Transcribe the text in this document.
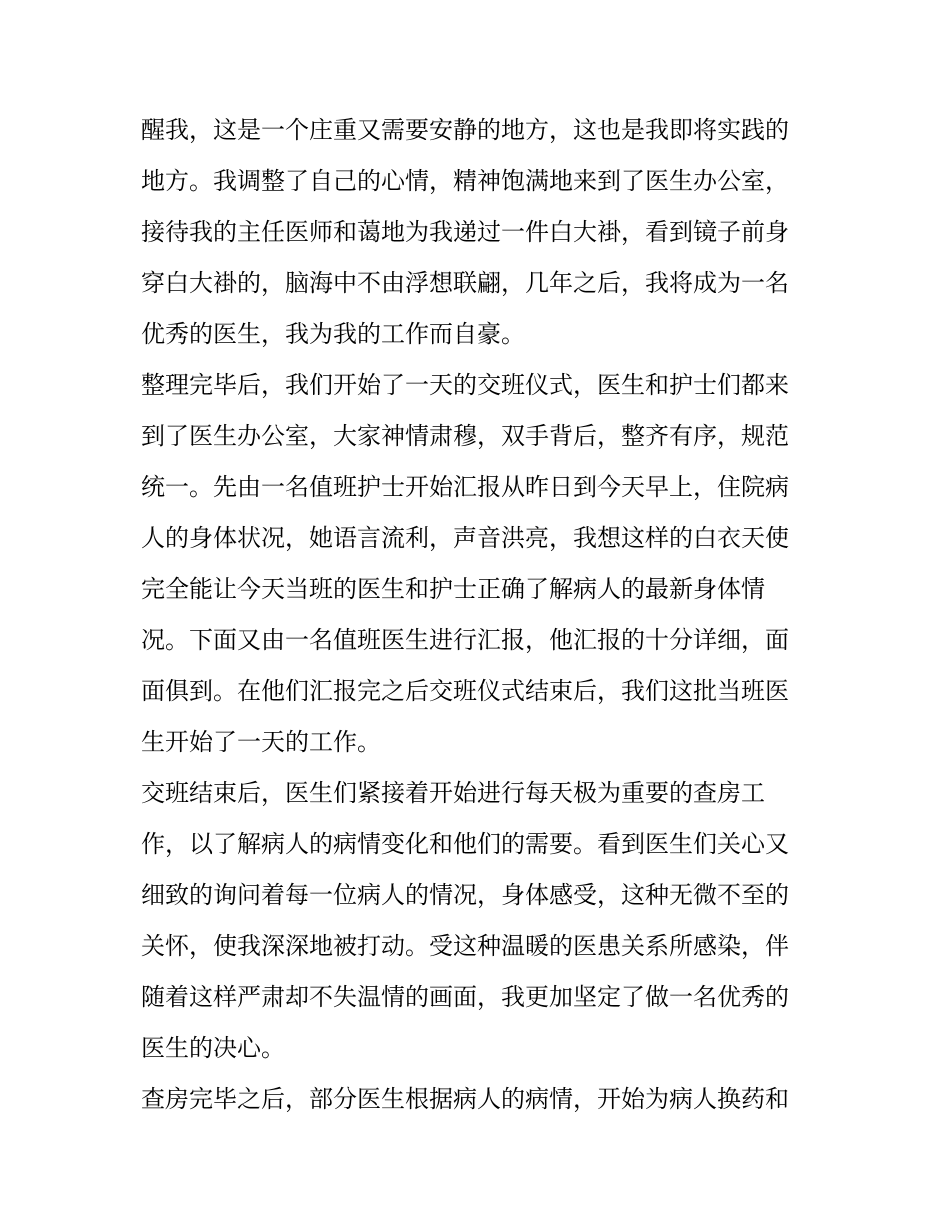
醒我，这是一个庄重又需要安静的地方，这也是我即将实践的
地方。我调整了自己的心情，精神饱满地来到了医生办公室，
接待我的主任医师和蔼地为我递过一件白大褂，看到镜子前身
穿白大褂的，脑海中不由浮想联翩，几年之后，我将成为一名
优秀的医生，我为我的工作而自豪。
整理完毕后，我们开始了一天的交班仪式，医生和护士们都来
到了医生办公室，大家神情肃穆，双手背后，整齐有序，规范
统一。先由一名值班护士开始汇报从昨日到今天早上，住院病
人的身体状况，她语言流利，声音洪亮，我想这样的白衣天使
完全能让今天当班的医生和护士正确了解病人的最新身体情
况。下面又由一名值班医生进行汇报，他汇报的十分详细，面
面俱到。在他们汇报完之后交班仪式结束后，我们这批当班医
生开始了一天的工作。
交班结束后，医生们紧接着开始进行每天极为重要的查房工
作，以了解病人的病情变化和他们的需要。看到医生们关心又
细致的询问着每一位病人的情况，身体感受，这种无微不至的
关怀，使我深深地被打动。受这种温暖的医患关系所感染，伴
随着这样严肃却不失温情的画面，我更加坚定了做一名优秀的
医生的决心。
查房完毕之后，部分医生根据病人的病情，开始为病人换药和
